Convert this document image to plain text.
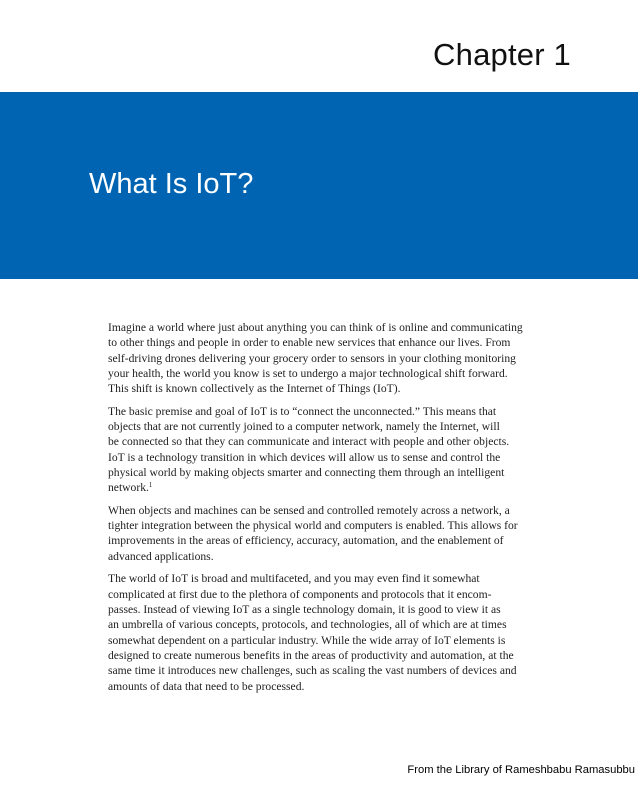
Chapter 1
What Is IoT?

Imagine a world where just about anything you can think of is online and communicating
to other things and people in order to enable new services that enhance our lives. From
self-driving drones delivering your grocery order to sensors in your clothing monitoring
your health, the world you know is set to undergo a major technological shift forward.
This shift is known collectively as the Internet of Things (IoT).

The basic premise and goal of IoT is to “connect the unconnected.” This means that
objects that are not currently joined to a computer network, namely the Internet, will
be connected so that they can communicate and interact with people and other objects.
IoT is a technology transition in which devices will allow us to sense and control the
physical world by making objects smarter and connecting them through an intelligent
network.$^1$

When objects and machines can be sensed and controlled remotely across a network, a
tighter integration between the physical world and computers is enabled. This allows for
improvements in the areas of efficiency, accuracy, automation, and the enablement of
advanced applications.

The world of IoT is broad and multifaceted, and you may even find it somewhat
complicated at first due to the plethora of components and protocols that it encom-
passes. Instead of viewing IoT as a single technology domain, it is good to view it as
an umbrella of various concepts, protocols, and technologies, all of which are at times
somewhat dependent on a particular industry. While the wide array of IoT elements is
designed to create numerous benefits in the areas of productivity and automation, at the
same time it introduces new challenges, such as scaling the vast numbers of devices and
amounts of data that need to be processed.

From the Library of Rameshbabu Ramasubbu
